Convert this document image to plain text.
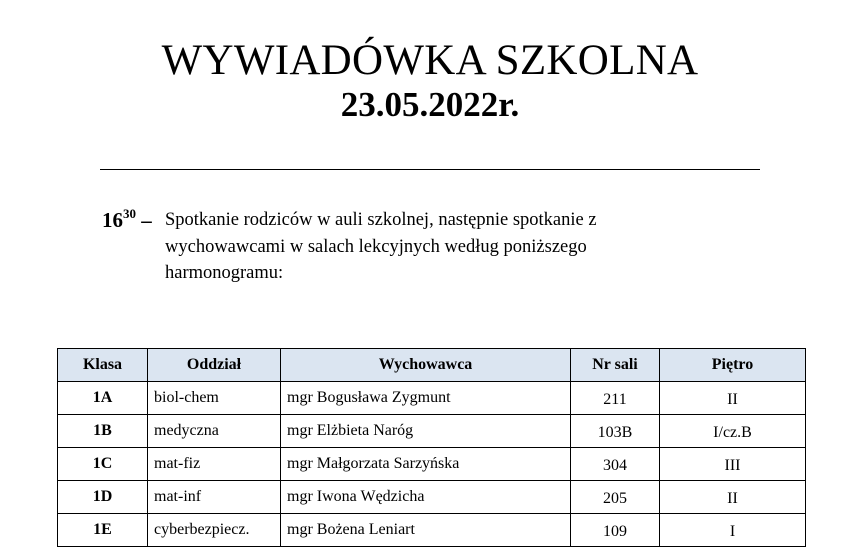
WYWIADÓWKA SZKOLNA
23.05.2022r.
$16^{30}$ – Spotkanie rodziców w auli szkolnej, następnie spotkanie z
wychowawcami w salach lekcyjnych według poniższego
harmonogramu:
Klasa	Oddział	Wychowawca	Nr sali	Piętro
1A	biol-chem	mgr Bogusława Zygmunt	211	II
1B	medyczna	mgr Elżbieta Naróg	103B	I/cz.B
1C	mat-fiz	mgr Małgorzata Sarzyńska	304	III
1D	mat-inf	mgr Iwona Wędzicha	205	II
1E	cyberbezpiecz.	mgr Bożena Leniart	109	I
